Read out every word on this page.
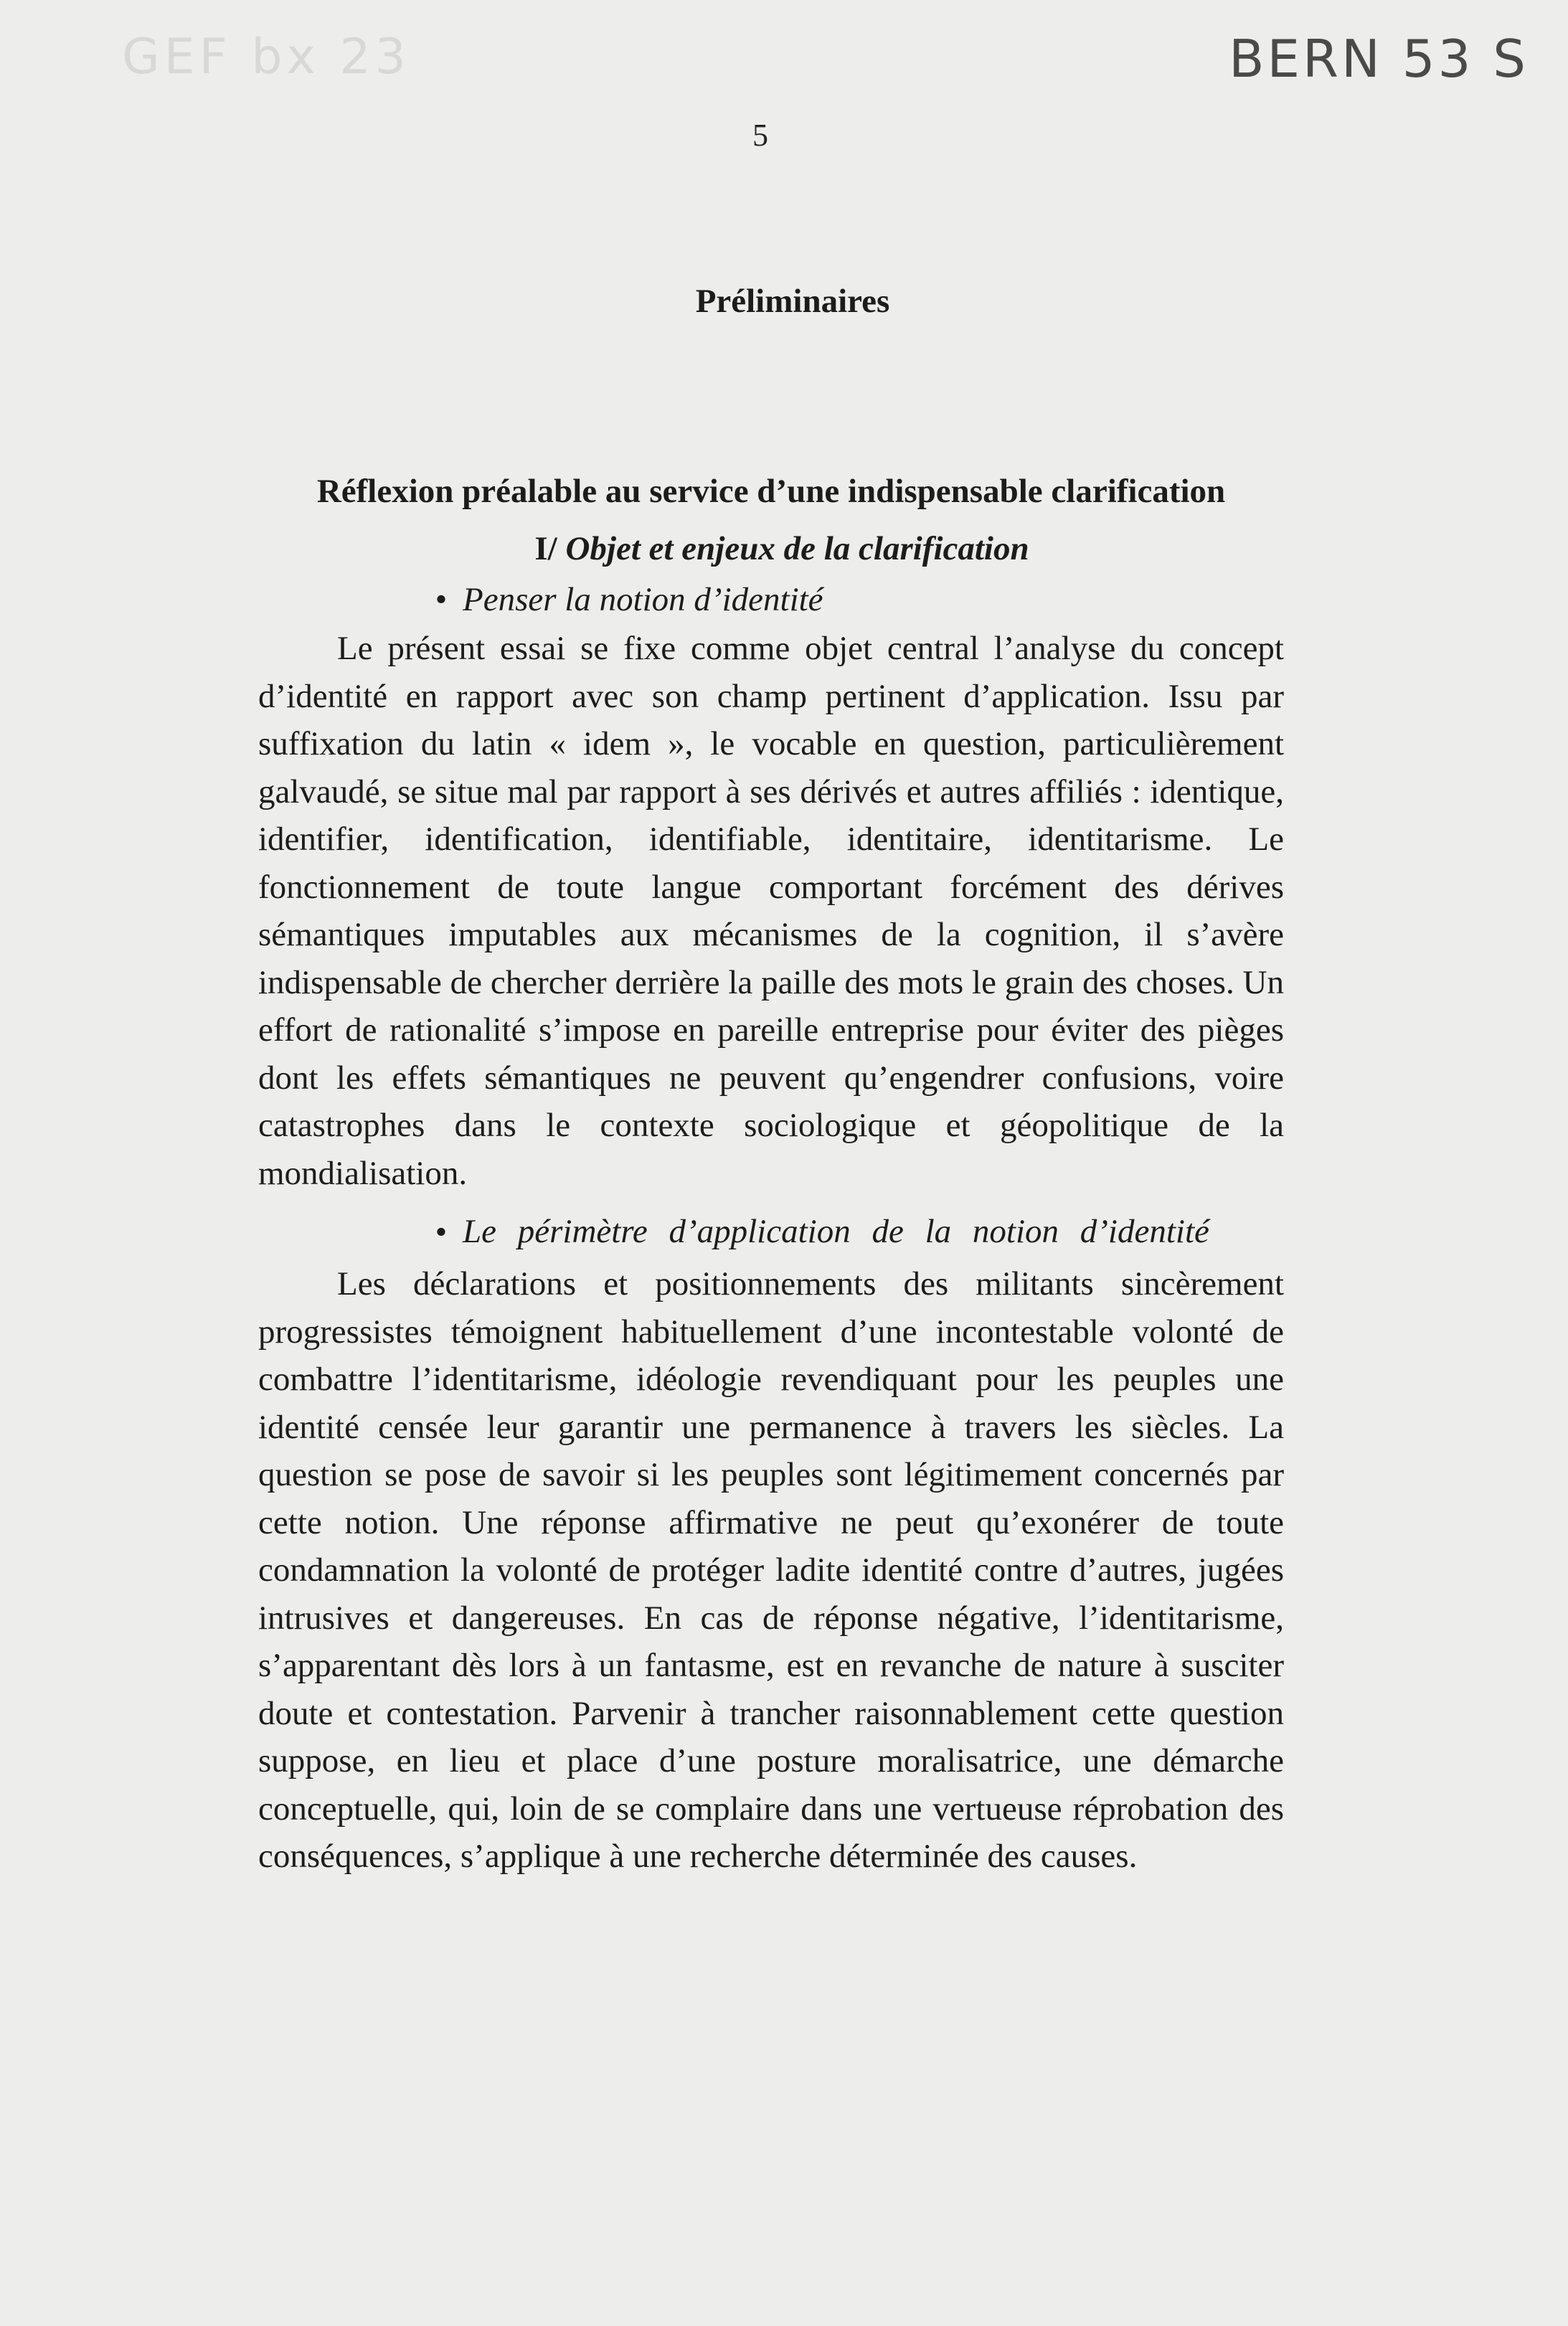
GEF bx 23	BERN 53 S
5
Préliminaires
Réflexion préalable au service d’une indispensable clarification
I/ Objet et enjeux de la clarification
• Penser la notion d’identité

Le présent essai se fixe comme objet central l’analyse du concept d’identité en rapport avec son champ pertinent d’application. Issu par suffixation du latin « idem », le vocable en question, particulièrement galvaudé, se situe mal par rapport à ses dérivés et autres affiliés : identique, identifier, identification, identifiable, identitaire, identitarisme. Le fonctionnement de toute langue comportant forcément des dérives sémantiques imputables aux mécanismes de la cognition, il s’avère indispensable de chercher derrière la paille des mots le grain des choses. Un effort de rationalité s’impose en pareille entreprise pour éviter des pièges dont les effets sémantiques ne peuvent qu’engendrer confusions, voire catastrophes dans le contexte sociologique et géopolitique de la mondialisation.

• Le périmètre d’application de la notion d’identité

Les déclarations et positionnements des militants sincèrement progressistes témoignent habituellement d’une incontestable volonté de combattre l’identitarisme, idéologie revendiquant pour les peuples une identité censée leur garantir une permanence à travers les siècles. La question se pose de savoir si les peuples sont légitimement concernés par cette notion. Une réponse affirmative ne peut qu’exonérer de toute condamnation la volonté de protéger ladite identité contre d’autres, jugées intrusives et dangereuses. En cas de réponse négative, l’identitarisme, s’apparentant dès lors à un fantasme, est en revanche de nature à susciter doute et contestation. Parvenir à trancher raisonnablement cette question suppose, en lieu et place d’une posture moralisatrice, une démarche conceptuelle, qui, loin de se complaire dans une vertueuse réprobation des conséquences, s’applique à une recherche déterminée des causes.
